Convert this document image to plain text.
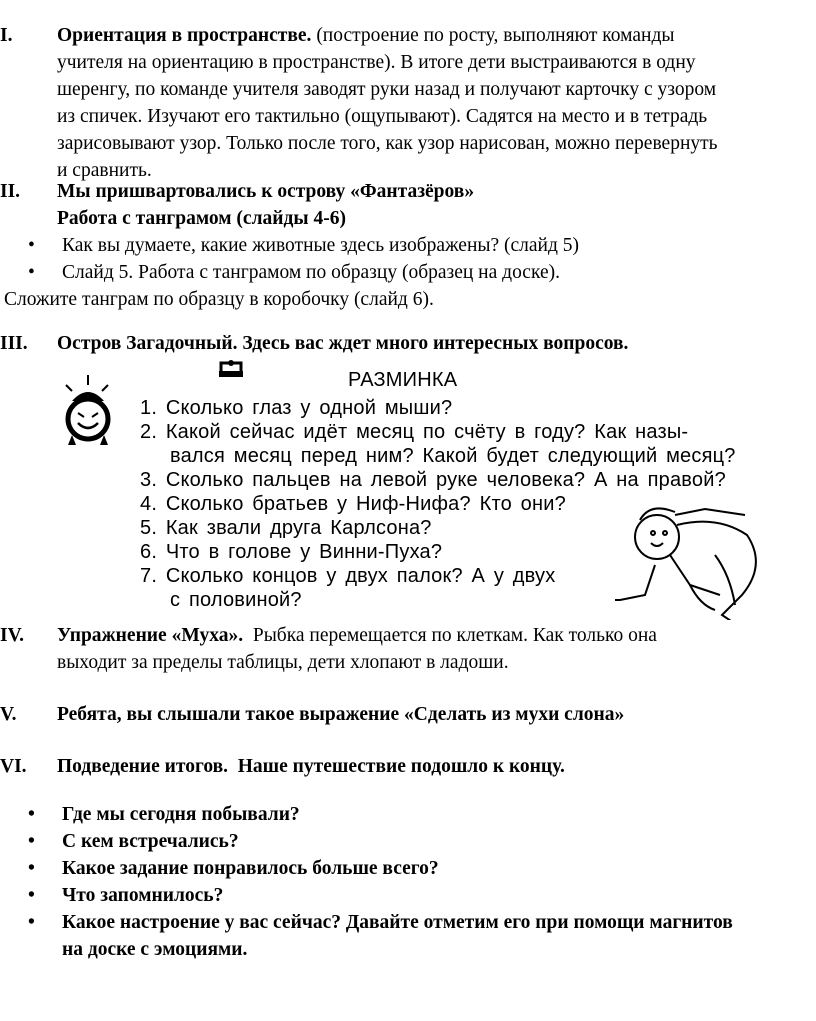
I. Ориентация в пространстве. (построение по росту, выполняют команды
учителя на ориентацию в пространстве). В итоге дети выстраиваются в одну
шеренгу, по команде учителя заводят руки назад и получают карточку с узором
из спичек. Изучают его тактильно (ощупывают). Садятся на место и в тетрадь
зарисовывают узор. Только после того, как узор нарисован, можно перевернуть
и сравнить.
II. Мы пришвартовались к острову «Фантазёров»
Работа с танграмом (слайды 4-6)
• Как вы думаете, какие животные здесь изображены? (слайд 5)
• Слайд 5. Работа с танграмом по образцу (образец на доске).
Сложите танграм по образцу в коробочку (слайд 6).
III. Остров Загадочный. Здесь вас ждет много интересных вопросов.
РАЗМИНКА
1. Сколько глаз у одной мыши?
2. Какой сейчас идёт месяц по счёту в году? Как назы-
вался месяц перед ним? Какой будет следующий месяц?
3. Сколько пальцев на левой руке человека? А на правой?
4. Сколько братьев у Ниф-Нифа? Кто они?
5. Как звали друга Карлсона?
6. Что в голове у Винни-Пуха?
7. Сколько концов у двух палок? А у двух
с половиной?
IV. Упражнение «Муха».  Рыбка перемещается по клеткам. Как только она
выходит за пределы таблицы, дети хлопают в ладоши.
V. Ребята, вы слышали такое выражение «Сделать из мухи слона»
VI. Подведение итогов.  Наше путешествие подошло к концу.
• Где мы сегодня побывали?
• С кем встречались?
• Какое задание понравилось больше всего?
• Что запомнилось?
• Какое настроение у вас сейчас? Давайте отметим его при помощи магнитов
на доске с эмоциями.
